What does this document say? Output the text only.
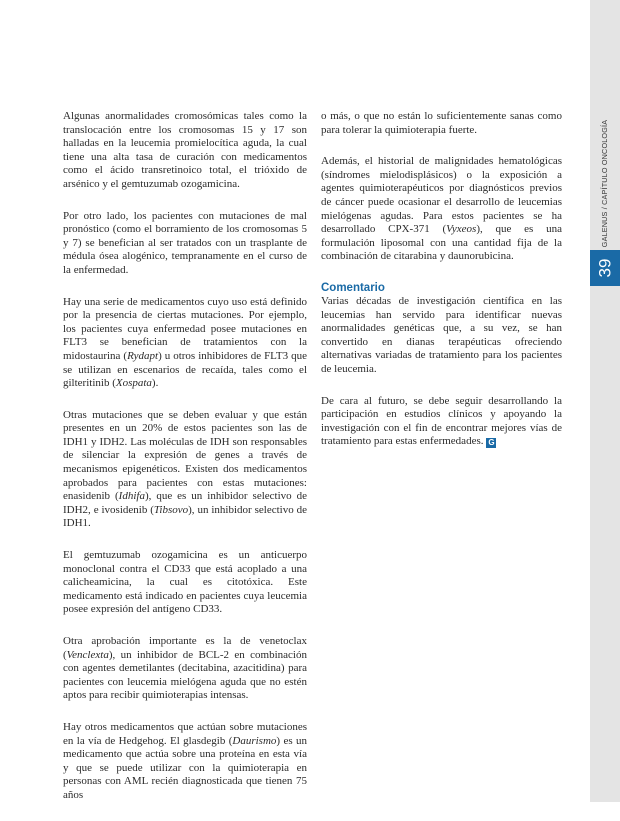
GALENUS / CAPÍTULO ONCOLOGÍA
39

Algunas anormalidades cromosómicas tales como la translocación entre los cromosomas 15 y 17 son halladas en la leucemia promielocítica aguda, la cual tiene una alta tasa de curación con medicamentos como el ácido transretinoico total, el trióxido de arsénico y el gemtuzumab ozogamicina.

Por otro lado, los pacientes con mutaciones de mal pronóstico (como el borramiento de los cromosomas 5 y 7) se benefician al ser tratados con un trasplante de médula ósea alogénico, tempranamente en el curso de la enfermedad.

Hay una serie de medicamentos cuyo uso está definido por la presencia de ciertas mutaciones. Por ejemplo, los pacientes cuya enfermedad posee mutaciones en FLT3 se benefician de tratamientos con la midostaurina (Rydapt) u otros inhibidores de FLT3 que se utilizan en escenarios de recaída, tales como el gilteritinib (Xospata).

Otras mutaciones que se deben evaluar y que están presentes en un 20% de estos pacientes son las de IDH1 y IDH2. Las moléculas de IDH son responsables de silenciar la expresión de genes a través de mecanismos epigenéticos. Existen dos medicamentos aprobados para pacientes con estas mutaciones: enasidenib (Idhifa), que es un inhibidor selectivo de IDH2, e ivosidenib (Tibsovo), un inhibidor selectivo de IDH1.

El gemtuzumab ozogamicina es un anticuerpo monoclonal contra el CD33 que está acoplado a una calicheamicina, la cual es citotóxica. Este medicamento está indicado en pacientes cuya leucemia posee expresión del antígeno CD33.

Otra aprobación importante es la de venetoclax (Venclexta), un inhibidor de BCL-2 en combinación con agentes demetilantes (decitabina, azacitidina) para pacientes con leucemia mielógena aguda que no estén aptos para recibir quimioterapias intensas.

Hay otros medicamentos que actúan sobre mutaciones en la vía de Hedgehog. El glasdegib (Daurismo) es un medicamento que actúa sobre una proteína en esta vía y que se puede utilizar con la quimioterapia en personas con AML recién diagnosticada que tienen 75 años

o más, o que no están lo suficientemente sanas como para tolerar la quimioterapia fuerte.

Además, el historial de malignidades hematológicas (síndromes mielodisplásicos) o la exposición a agentes quimioterapéuticos por diagnósticos previos de cáncer puede ocasionar el desarrollo de leucemias mielógenas agudas. Para estos pacientes se ha desarrollado CPX-371 (Vyxeos), que es una formulación liposomal con una cantidad fija de la combinación de citarabina y daunorubicina.

Comentario

Varias décadas de investigación científica en las leucemias han servido para identificar nuevas anormalidades genéticas que, a su vez, se han convertido en dianas terapéuticas ofreciendo alternativas variadas de tratamiento para los pacientes de leucemia.

De cara al futuro, se debe seguir desarrollando la participación en estudios clínicos y apoyando la investigación con el fin de encontrar mejores vías de tratamiento para estas enfermedades. G
